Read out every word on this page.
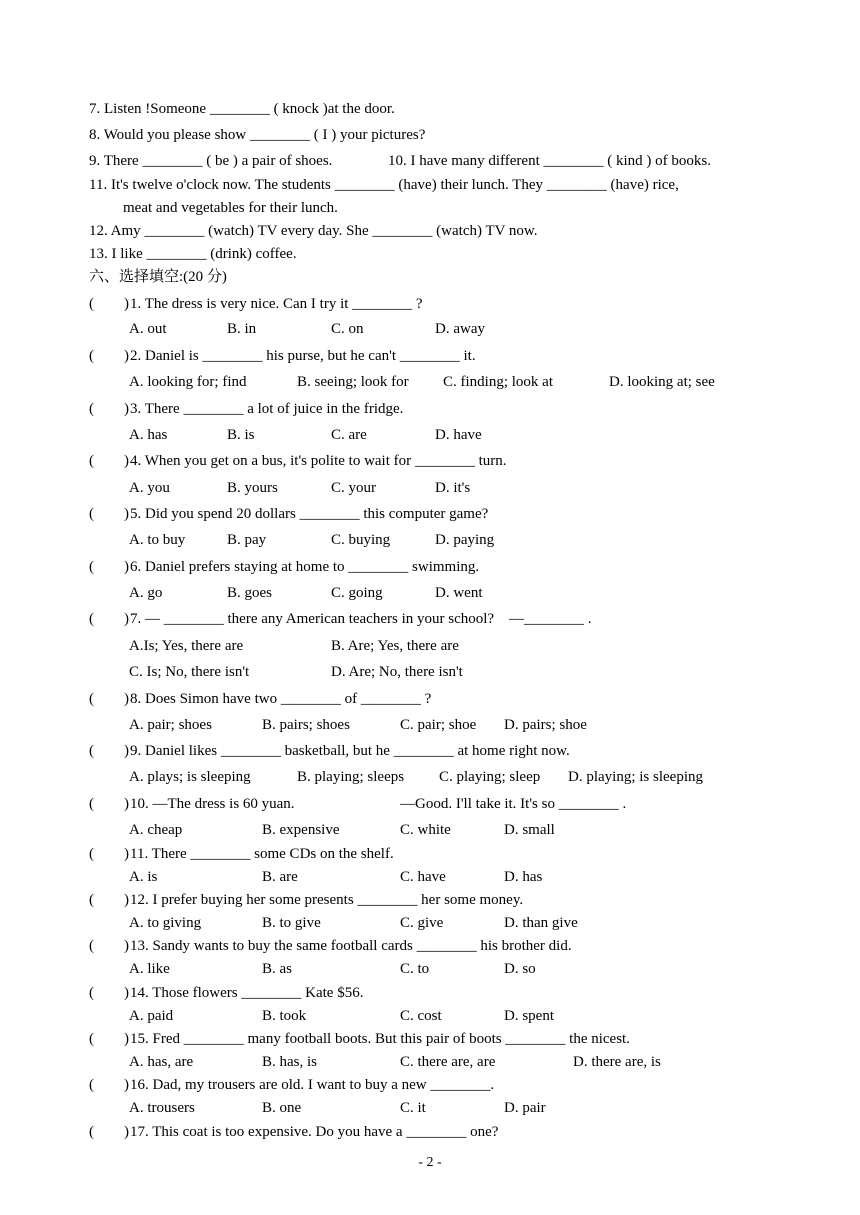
7. Listen !Someone ________ ( knock )at the door.
8. Would you please show ________ ( I ) your pictures?
9. There ________ ( be ) a pair of shoes.	10. I have many different ________ ( kind ) of books.
11. It's twelve o'clock now. The students ________ (have) their lunch. They ________ (have) rice,
meat and vegetables for their lunch.
12. Amy ________ (watch) TV every day. She ________ (watch) TV now.
13. I like ________ (drink) coffee.
六、选择填空:(20 分)
(        ) 1. The dress is very nice. Can I try it ________ ?
A. out	B. in	C. on	D. away
(        ) 2. Daniel is ________ his purse, but he can't ________ it.
A. looking for; find	B. seeing; look for C. finding; look at	D. looking at; see
(        ) 3. There ________ a lot of juice in the fridge.
A. has	B. is	C. are	D. have
(        ) 4. When you get on a bus, it's polite to wait for ________ turn.
A. you	B. yours	C. your	D. it's
(        ) 5. Did you spend 20 dollars ________ this computer game?
A. to buy	B. pay	C. buying	D. paying
(        ) 6. Daniel prefers staying at home to ________ swimming.
A. go	B. goes	C. going	D. went
(        ) 7. — ________ there any American teachers in your school?    —________ .
A.Is; Yes, there are	B. Are; Yes, there are
C. Is; No, there isn't	D. Are; No, there isn't
(        ) 8. Does Simon have two ________ of ________ ?
A. pair; shoes	B. pairs; shoes	C. pair; shoe D. pairs; shoe
(        ) 9. Daniel likes ________ basketball, but he ________ at home right now.
A. plays; is sleeping	B. playing; sleeps C. playing; sleep D. playing; is sleeping
(        ) 10. —The dress is 60 yuan.	—Good. I'll take it. It's so ________ .
A. cheap	B. expensive	C. white	D. small
(        ) 11. There ________ some CDs on the shelf.
A. is	B. are	C. have	D. has
(        ) 12. I prefer buying her some presents ________ her some money.
A. to giving	B. to give	C. give	D. than give
(        ) 13. Sandy wants to buy the same football cards ________ his brother did.
A. like	B. as	C. to	D. so
(        ) 14. Those flowers ________ Kate $56.
A. paid	B. took	C. cost	D. spent
(        ) 15. Fred ________ many football boots. But this pair of boots ________ the nicest.
A. has, are	B. has, is	C. there are, are	D. there are, is
(        ) 16. Dad, my trousers are old. I want to buy a new ________.
A. trousers	B. one	C. it	D. pair
(        ) 17. This coat is too expensive. Do you have a ________ one?
- 2 -
